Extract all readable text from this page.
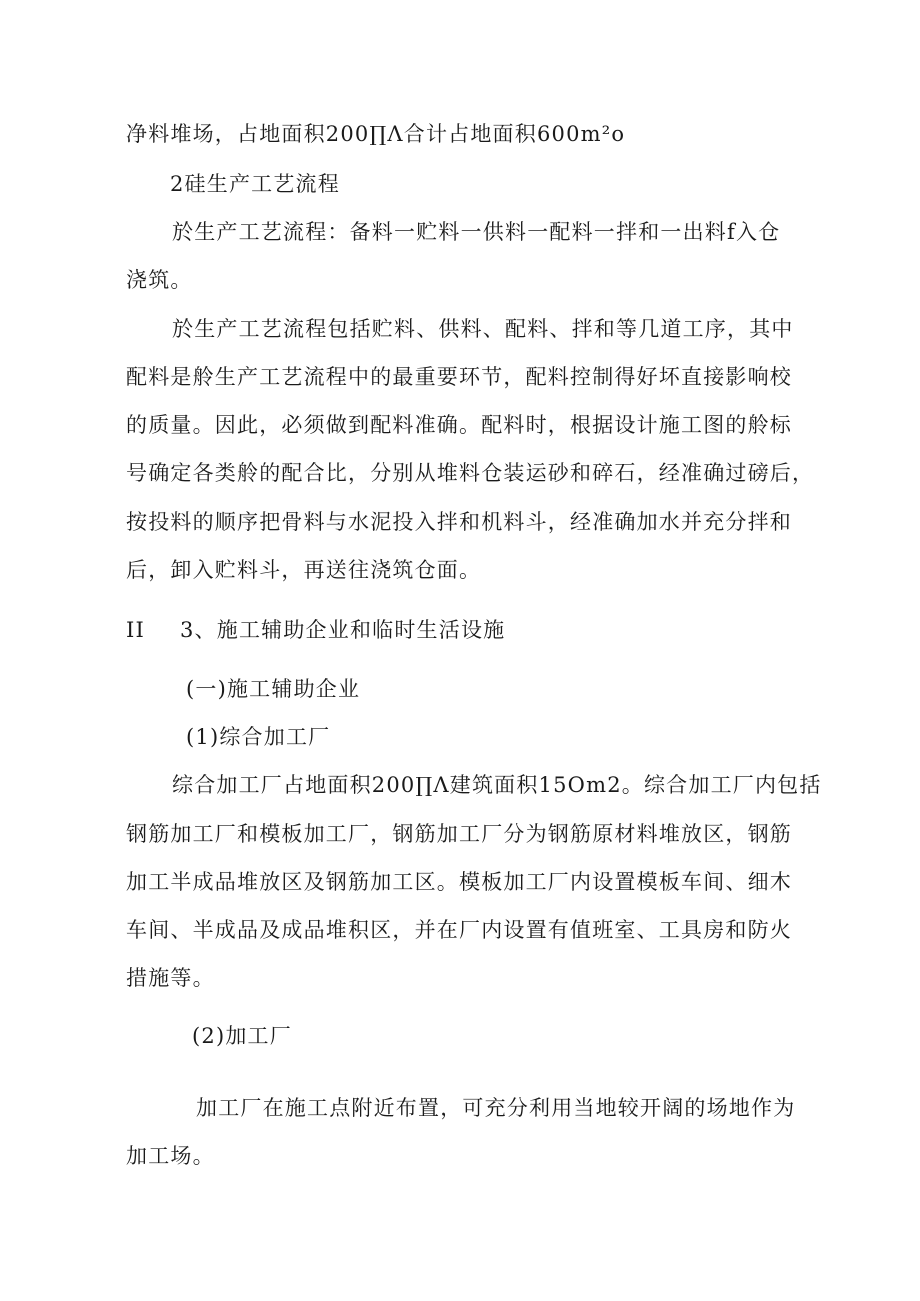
净料堆场，占地面积200∏Λ合计占地面积600m²o
2硅生产工艺流程
於生产工艺流程：备料一贮料一供料一配料一拌和一出料f入仓
浇筑。
於生产工艺流程包括贮料、供料、配料、拌和等几道工序，其中
配料是舲生产工艺流程中的最重要环节，配料控制得好坏直接影响校
的质量。因此，必须做到配料准确。配料时，根据设计施工图的舲标
号确定各类舲的配合比，分别从堆料仓装运砂和碎石，经准确过磅后，
按投料的顺序把骨料与水泥投入拌和机料斗，经准确加水并充分拌和
后，卸入贮料斗，再送往浇筑仓面。
II 3、施工辅助企业和临时生活设施
(一)施工辅助企业
(1)综合加工厂
综合加工厂占地面积200∏Λ建筑面积15Om2。综合加工厂内包括
钢筋加工厂和模板加工厂，钢筋加工厂分为钢筋原材料堆放区，钢筋
加工半成品堆放区及钢筋加工区。模板加工厂内设置模板车间、细木
车间、半成品及成品堆积区，并在厂内设置有值班室、工具房和防火
措施等。
(2)加工厂
加工厂在施工点附近布置，可充分利用当地较开阔的场地作为
加工场。
